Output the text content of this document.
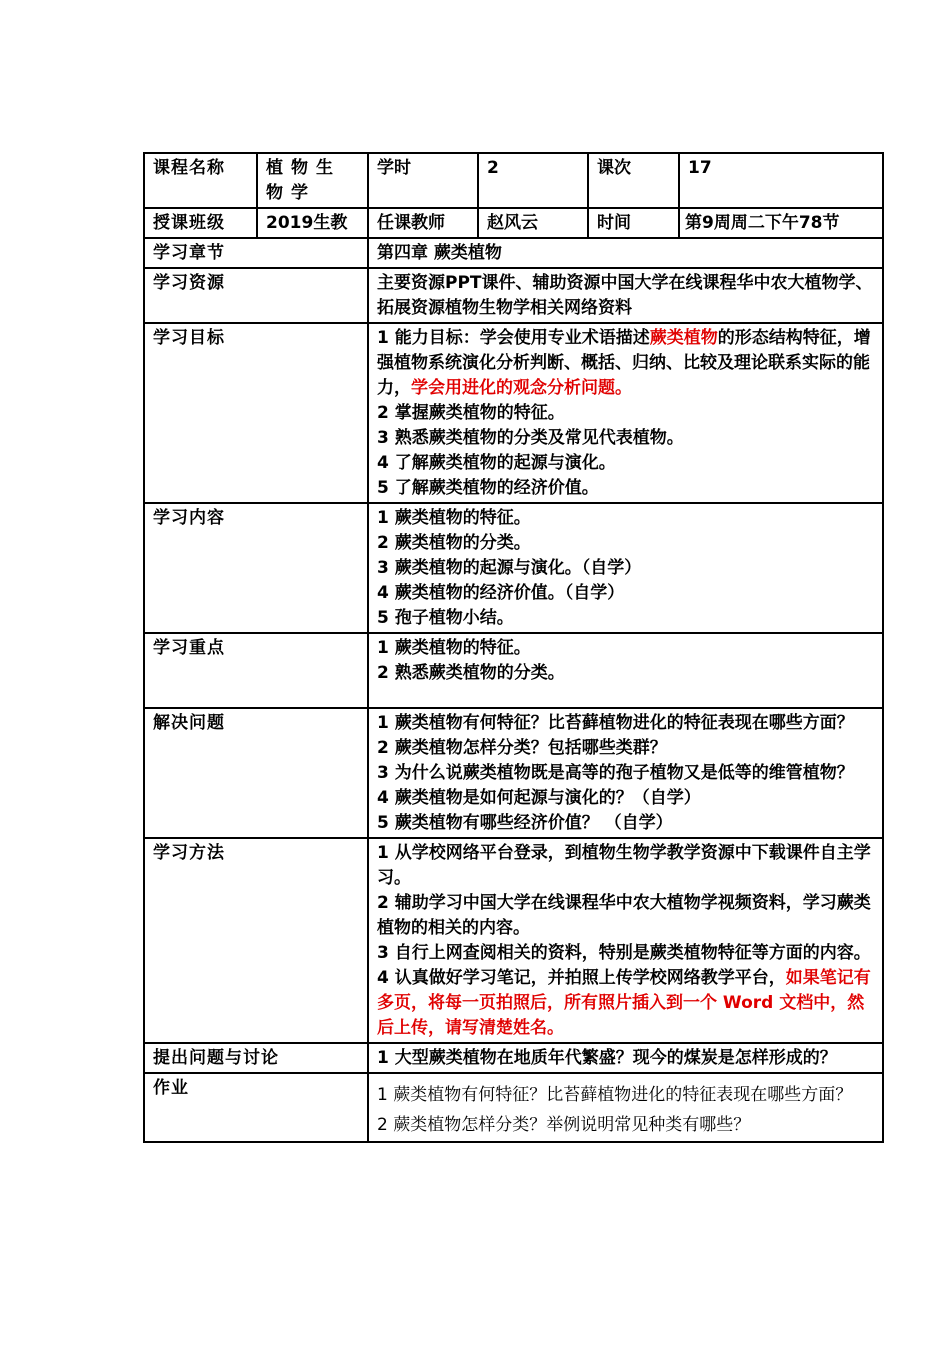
课程名称	植物生物学	学时	2	课次	17
授课班级	2019生教	任课教师	赵风云	时间	第9周周二下午78节
学习章节		第四章 蕨类植物			
学习资源		主要资源PPT课件、辅助资源中国大学在线课程华中农大植物学、拓展资源植物生物学相关网络资料			
学习目标		1 能力目标：学会使用专业术语描述蕨类植物的形态结构特征，增强植物系统演化分析判断、概括、归纳、比较及理论联系实际的能力，学会用进化的观念分析问题。
2 掌握蕨类植物的特征。
3 熟悉蕨类植物的分类及常见代表植物。
4 了解蕨类植物的起源与演化。
5 了解蕨类植物的经济价值。			

学习内容		1 蕨类植物的特征。
2 蕨类植物的分类。
3 蕨类植物的起源与演化。（自学）
4 蕨类植物的经济价值。（自学）
5 孢子植物小结。			

学习重点		1 蕨类植物的特征。
2 熟悉蕨类植物的分类。			

解决问题		1 蕨类植物有何特征？比苔藓植物进化的特征表现在哪些方面？
2 蕨类植物怎样分类？包括哪些类群？
3 为什么说蕨类植物既是高等的孢子植物又是低等的维管植物？
4 蕨类植物是如何起源与演化的？（自学）
5 蕨类植物有哪些经济价值？ （自学）			

学习方法		1 从学校网络平台登录，到植物生物学教学资源中下载课件自主学习。
2 辅助学习中国大学在线课程华中农大植物学视频资料，学习蕨类植物的相关的内容。
3 自行上网查阅相关的资料，特别是蕨类植物特征等方面的内容。
4 认真做好学习笔记，并拍照上传学校网络教学平台，如果笔记有多页，将每一页拍照后，所有照片插入到一个 Word 文档中，然后上传，请写清楚姓名。			

提出问题与讨论		1 大型蕨类植物在地质年代繁盛？现今的煤炭是怎样形成的？			
作业		1 蕨类植物有何特征？比苔藓植物进化的特征表现在哪些方面？
2 蕨类植物怎样分类？举例说明常见种类有哪些？			
